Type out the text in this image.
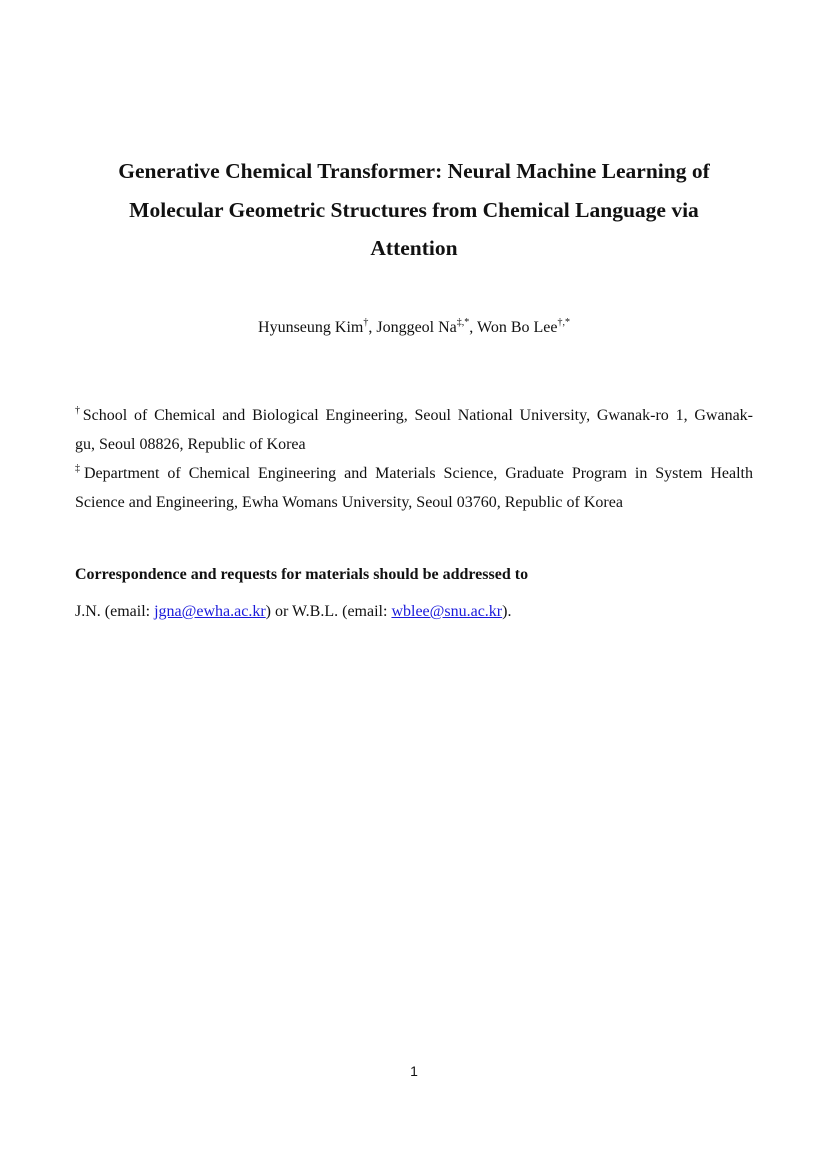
Generative Chemical Transformer: Neural Machine Learning of
Molecular Geometric Structures from Chemical Language via
Attention
Hyunseung Kim†, Jonggeol Na‡,*, Won Bo Lee†,*
†School of Chemical and Biological Engineering, Seoul National University, Gwanak-ro 1, Gwanak-
gu, Seoul 08826, Republic of Korea
‡Department of Chemical Engineering and Materials Science, Graduate Program in System Health
Science and Engineering, Ewha Womans University, Seoul 03760, Republic of Korea
Correspondence and requests for materials should be addressed to
J.N. (email: jgna@ewha.ac.kr) or W.B.L. (email: wblee@snu.ac.kr).
1
